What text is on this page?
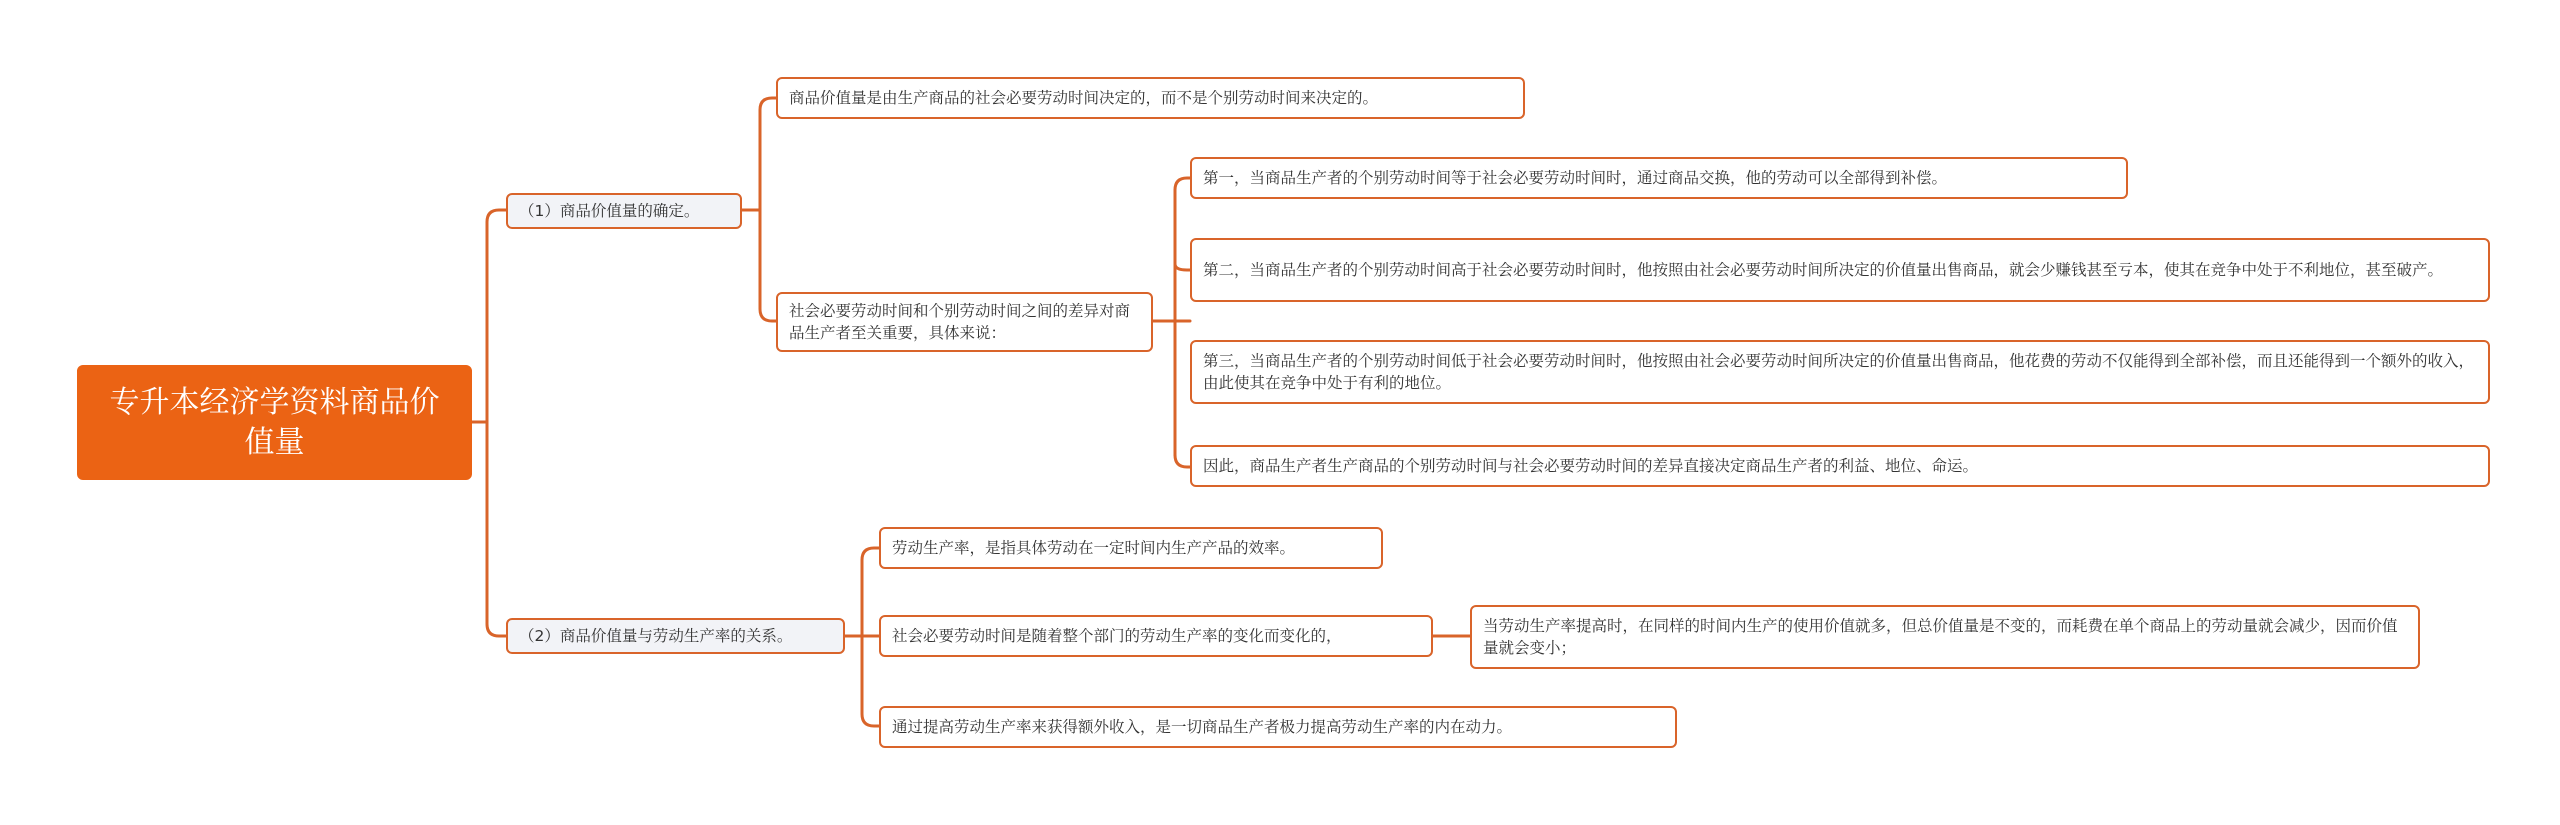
专升本经济学资料商品价值量
（1）商品价值量的确定。
商品价值量是由生产商品的社会必要劳动时间决定的，而不是个别劳动时间来决定的。
社会必要劳动时间和个别劳动时间之间的差异对商品生产者至关重要，具体来说：
第一，当商品生产者的个别劳动时间等于社会必要劳动时间时，通过商品交换，他的劳动可以全部得到补偿。
第二，当商品生产者的个别劳动时间高于社会必要劳动时间时，他按照由社会必要劳动时间所决定的价值量出售商品，就会少赚钱甚至亏本，使其在竞争中处于不利地位，甚至破产。
第三，当商品生产者的个别劳动时间低于社会必要劳动时间时，他按照由社会必要劳动时间所决定的价值量出售商品，他花费的劳动不仅能得到全部补偿，而且还能得到一个额外的收入，由此使其在竞争中处于有利的地位。
因此，商品生产者生产商品的个别劳动时间与社会必要劳动时间的差异直接决定商品生产者的利益、地位、命运。
（2）商品价值量与劳动生产率的关系。
劳动生产率，是指具体劳动在一定时间内生产产品的效率。
社会必要劳动时间是随着整个部门的劳动生产率的变化而变化的，
当劳动生产率提高时，在同样的时间内生产的使用价值就多，但总价值量是不变的，而耗费在单个商品上的劳动量就会减少，因而价值量就会变小；
通过提高劳动生产率来获得额外收入，是一切商品生产者极力提高劳动生产率的内在动力。
